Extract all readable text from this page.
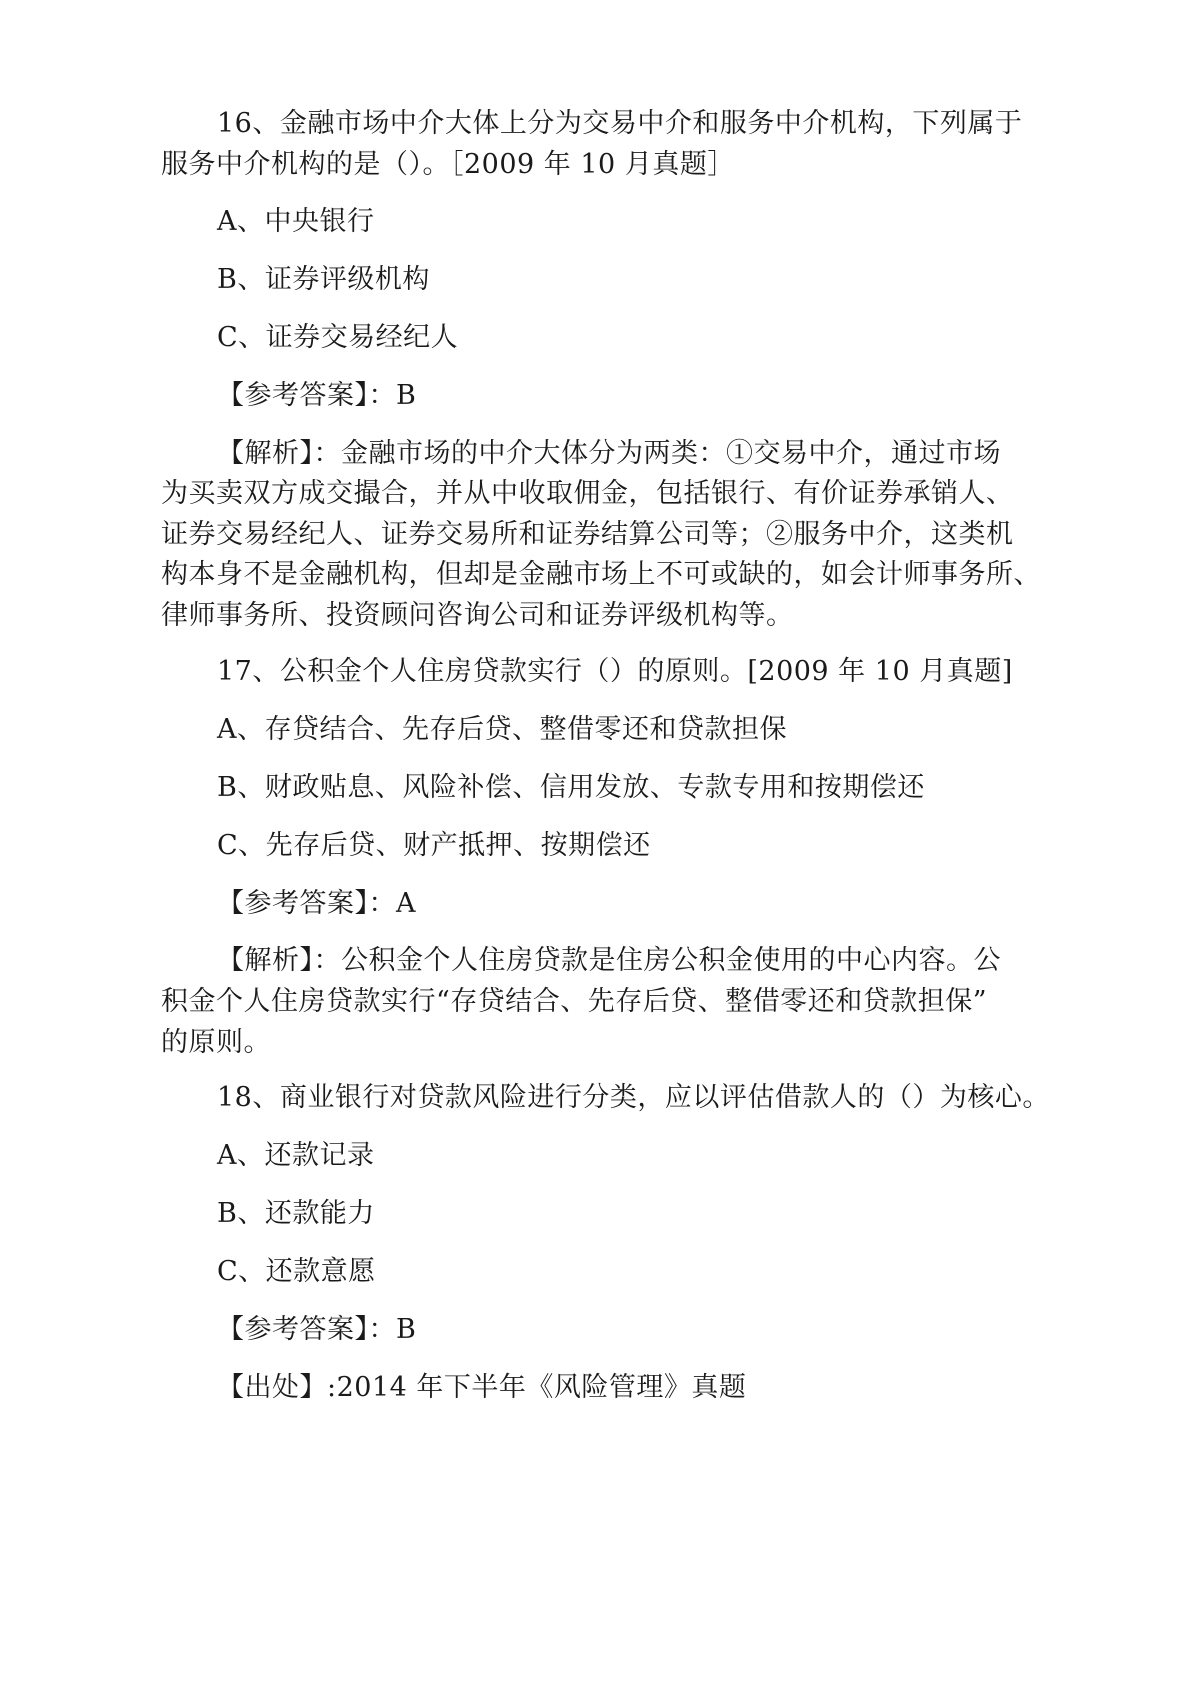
16、金融市场中介大体上分为交易中介和服务中介机构，下列属于
服务中介机构的是（）。［2009 年 10 月真题］
A、中央银行
B、证券评级机构
C、证券交易经纪人
【参考答案】：B
【解析】：金融市场的中介大体分为两类：①交易中介，通过市场
为买卖双方成交撮合，并从中收取佣金，包括银行、有价证券承销人、
证券交易经纪人、证券交易所和证券结算公司等；②服务中介，这类机
构本身不是金融机构，但却是金融市场上不可或缺的，如会计师事务所、
律师事务所、投资顾问咨询公司和证券评级机构等。
17、公积金个人住房贷款实行（）的原则。[2009 年 10 月真题]
A、存贷结合、先存后贷、整借零还和贷款担保
B、财政贴息、风险补偿、信用发放、专款专用和按期偿还
C、先存后贷、财产抵押、按期偿还
【参考答案】：A
【解析】：公积金个人住房贷款是住房公积金使用的中心内容。公
积金个人住房贷款实行“存贷结合、先存后贷、整借零还和贷款担保”
的原则。
18、商业银行对贷款风险进行分类，应以评估借款人的（）为核心。
A、还款记录
B、还款能力
C、还款意愿
【参考答案】：B
【出处】:2014 年下半年《风险管理》真题
